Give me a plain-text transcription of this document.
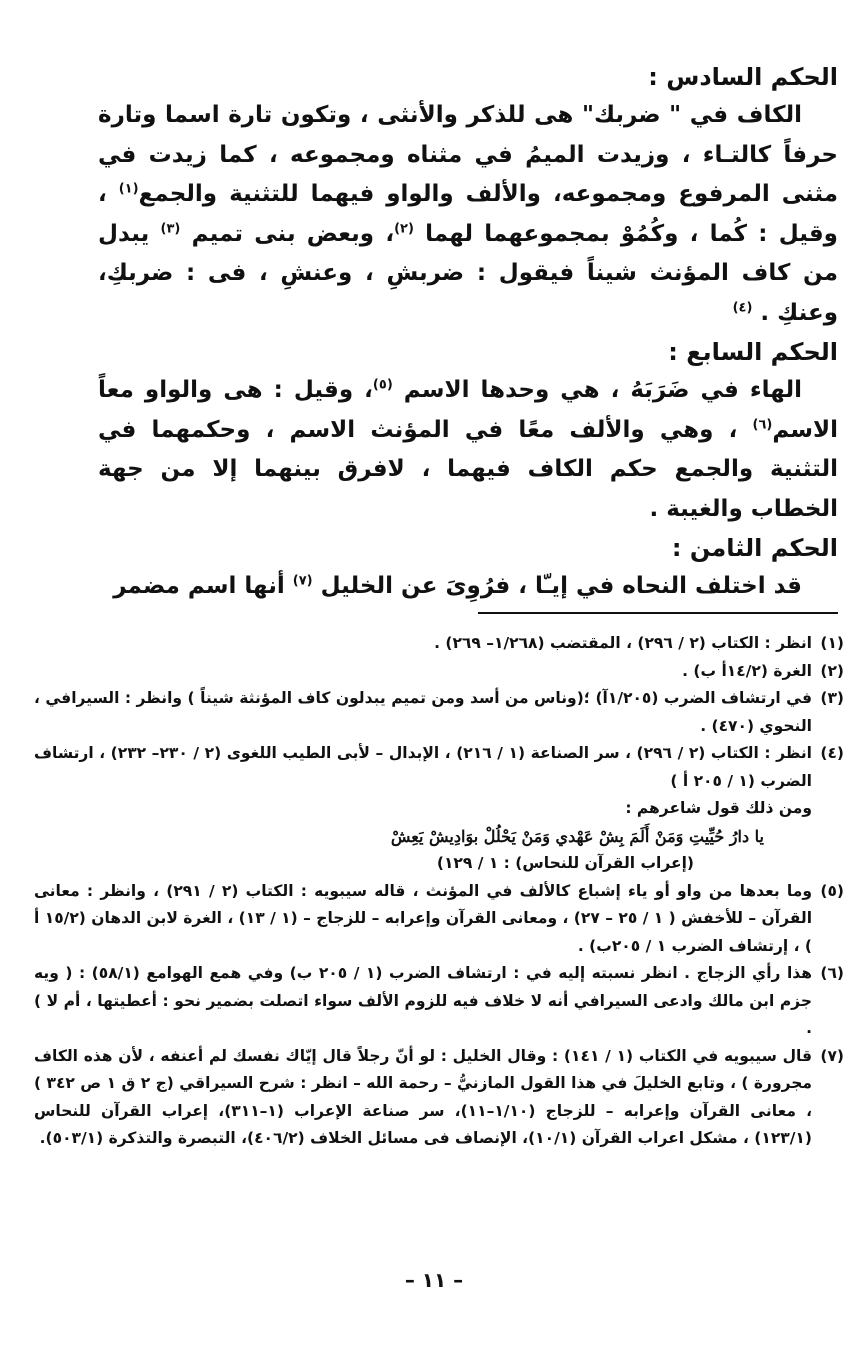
الحكم السادس :

الكاف في " ضربك" هى للذكر والأنثى ، وتكون تارة اسما وتارة حرفاً كالتـاء ، وزيدت الميمُ في مثناه ومجموعه ، كما زيدت في مثنى المرفوع ومجموعه، والألف والواو فيهما للتثنية والجمع$^{(١)}$ ، وقيل : كُما ، وكُمُوْ بمجموعهما لهما $^{(٢)}$، وبعض بنى تميم $^{(٣)}$ يبدل من كاف المؤنث شيناً فيقول : ضربشِ ، وعنشِ ، فى : ضربكِ، وعنكِ . $^{(٤)}$

الحكم السابع :

الهاء في ضَرَبَهُ ، هي وحدها الاسم $^{(٥)}$، وقيل : هى والواو معاً الاسم$^{(٦)}$ ، وهي والألف معًا في المؤنث الاسم ، وحكمهما في التثنية والجمع حكم الكاف فيهما ، لافرق بينهما إلا من جهة الخطاب والغيبة .

الحكم الثامن :

قد اختلف النحاه في إيـّا ، فرُوِىَ عن الخليل $^{(٧)}$ أنها اسم مضمر

(١)
انظر : الكتاب (٢ / ٢٩٦) ، المقتضب (١/٢٦٨– ٢٦٩) .
(٢)
الغرة (١٤/٢أ ب) .
(٣)
في ارتشاف الضرب (١/٢٠٥آ) ؛(وناس من أسد ومن تميم يبدلون كاف المؤنثة شيناً ) وانظر : السيرافي ، النحوي (٤٧٠) .
(٤)
انظر : الكتاب (٢ / ٢٩٦) ، سر الصناعة (١ / ٢١٦) ، الإبدال – لأبى الطيب اللغوى (٢ / ٢٣٠– ٢٣٢) ، ارتشاف الضرب (١ / ٢٠٥ أ )
ومن ذلك قول شاعرهم :
يا دارُ حُيِّيتِ وَمَنْ أَلَمَ بِشْ عَهْدي وَمَنْ يَحْلُلْ بوَادِيشْ يَعِشْ
(إعراب القرآن للنحاس) : ١ / ١٢٩)
(٥)
وما بعدها من واو أو ياء إشباع كالألف في المؤنث ، قاله سيبويه : الكتاب (٢ / ٢٩١) ، وانظر : معانى القرآن – للأخفش ( ١ / ٢٥ – ٢٧) ، ومعانى القرآن وإعرابه – للزجاج – (١ / ١٣) ، الغرة لابن الدهان (١٥/٢ أ ) ، إرتشاف الضرب ١ / ٢٠٥ب) .
(٦)
هذا رأي الزجاج . انظر نسبته إليه في : ارتشاف الضرب (١ / ٢٠٥ ب) وفي همع الهوامع (٥٨/١) : ( ويه جزم ابن مالك وادعى السيرافي أنه لا خلاف فيه للزوم الألف سواء اتصلت بضمير نحو : أعطيتها ، أم لا ) .
(٧)
قال سيبويه في الكتاب (١ / ١٤١) : وقال الخليل : لو أنّ رجلاً قال إيّاك نفسك لم أعنفه ، لأن هذه الكاف مجرورة ) ، وتابع الخليلَ في هذا القول المازنيُّ – رحمة الله – انظر : شرح السيراقي (ج ٢ ق ١ ص ٣٤٢ ) ، معانى القرآن وإعرابه – للزجاج (١/١٠–١١)، سر صناعة الإعراب (١–٣١١)، إعراب القرآن للنحاس (١٢٣/١) ، مشكل اعراب القرآن (١٠/١)، الإنصاف فى مسائل الخلاف (٤٠٦/٢)، التبصرة والتذكرة (٥٠٣/١).
– ١١ –
